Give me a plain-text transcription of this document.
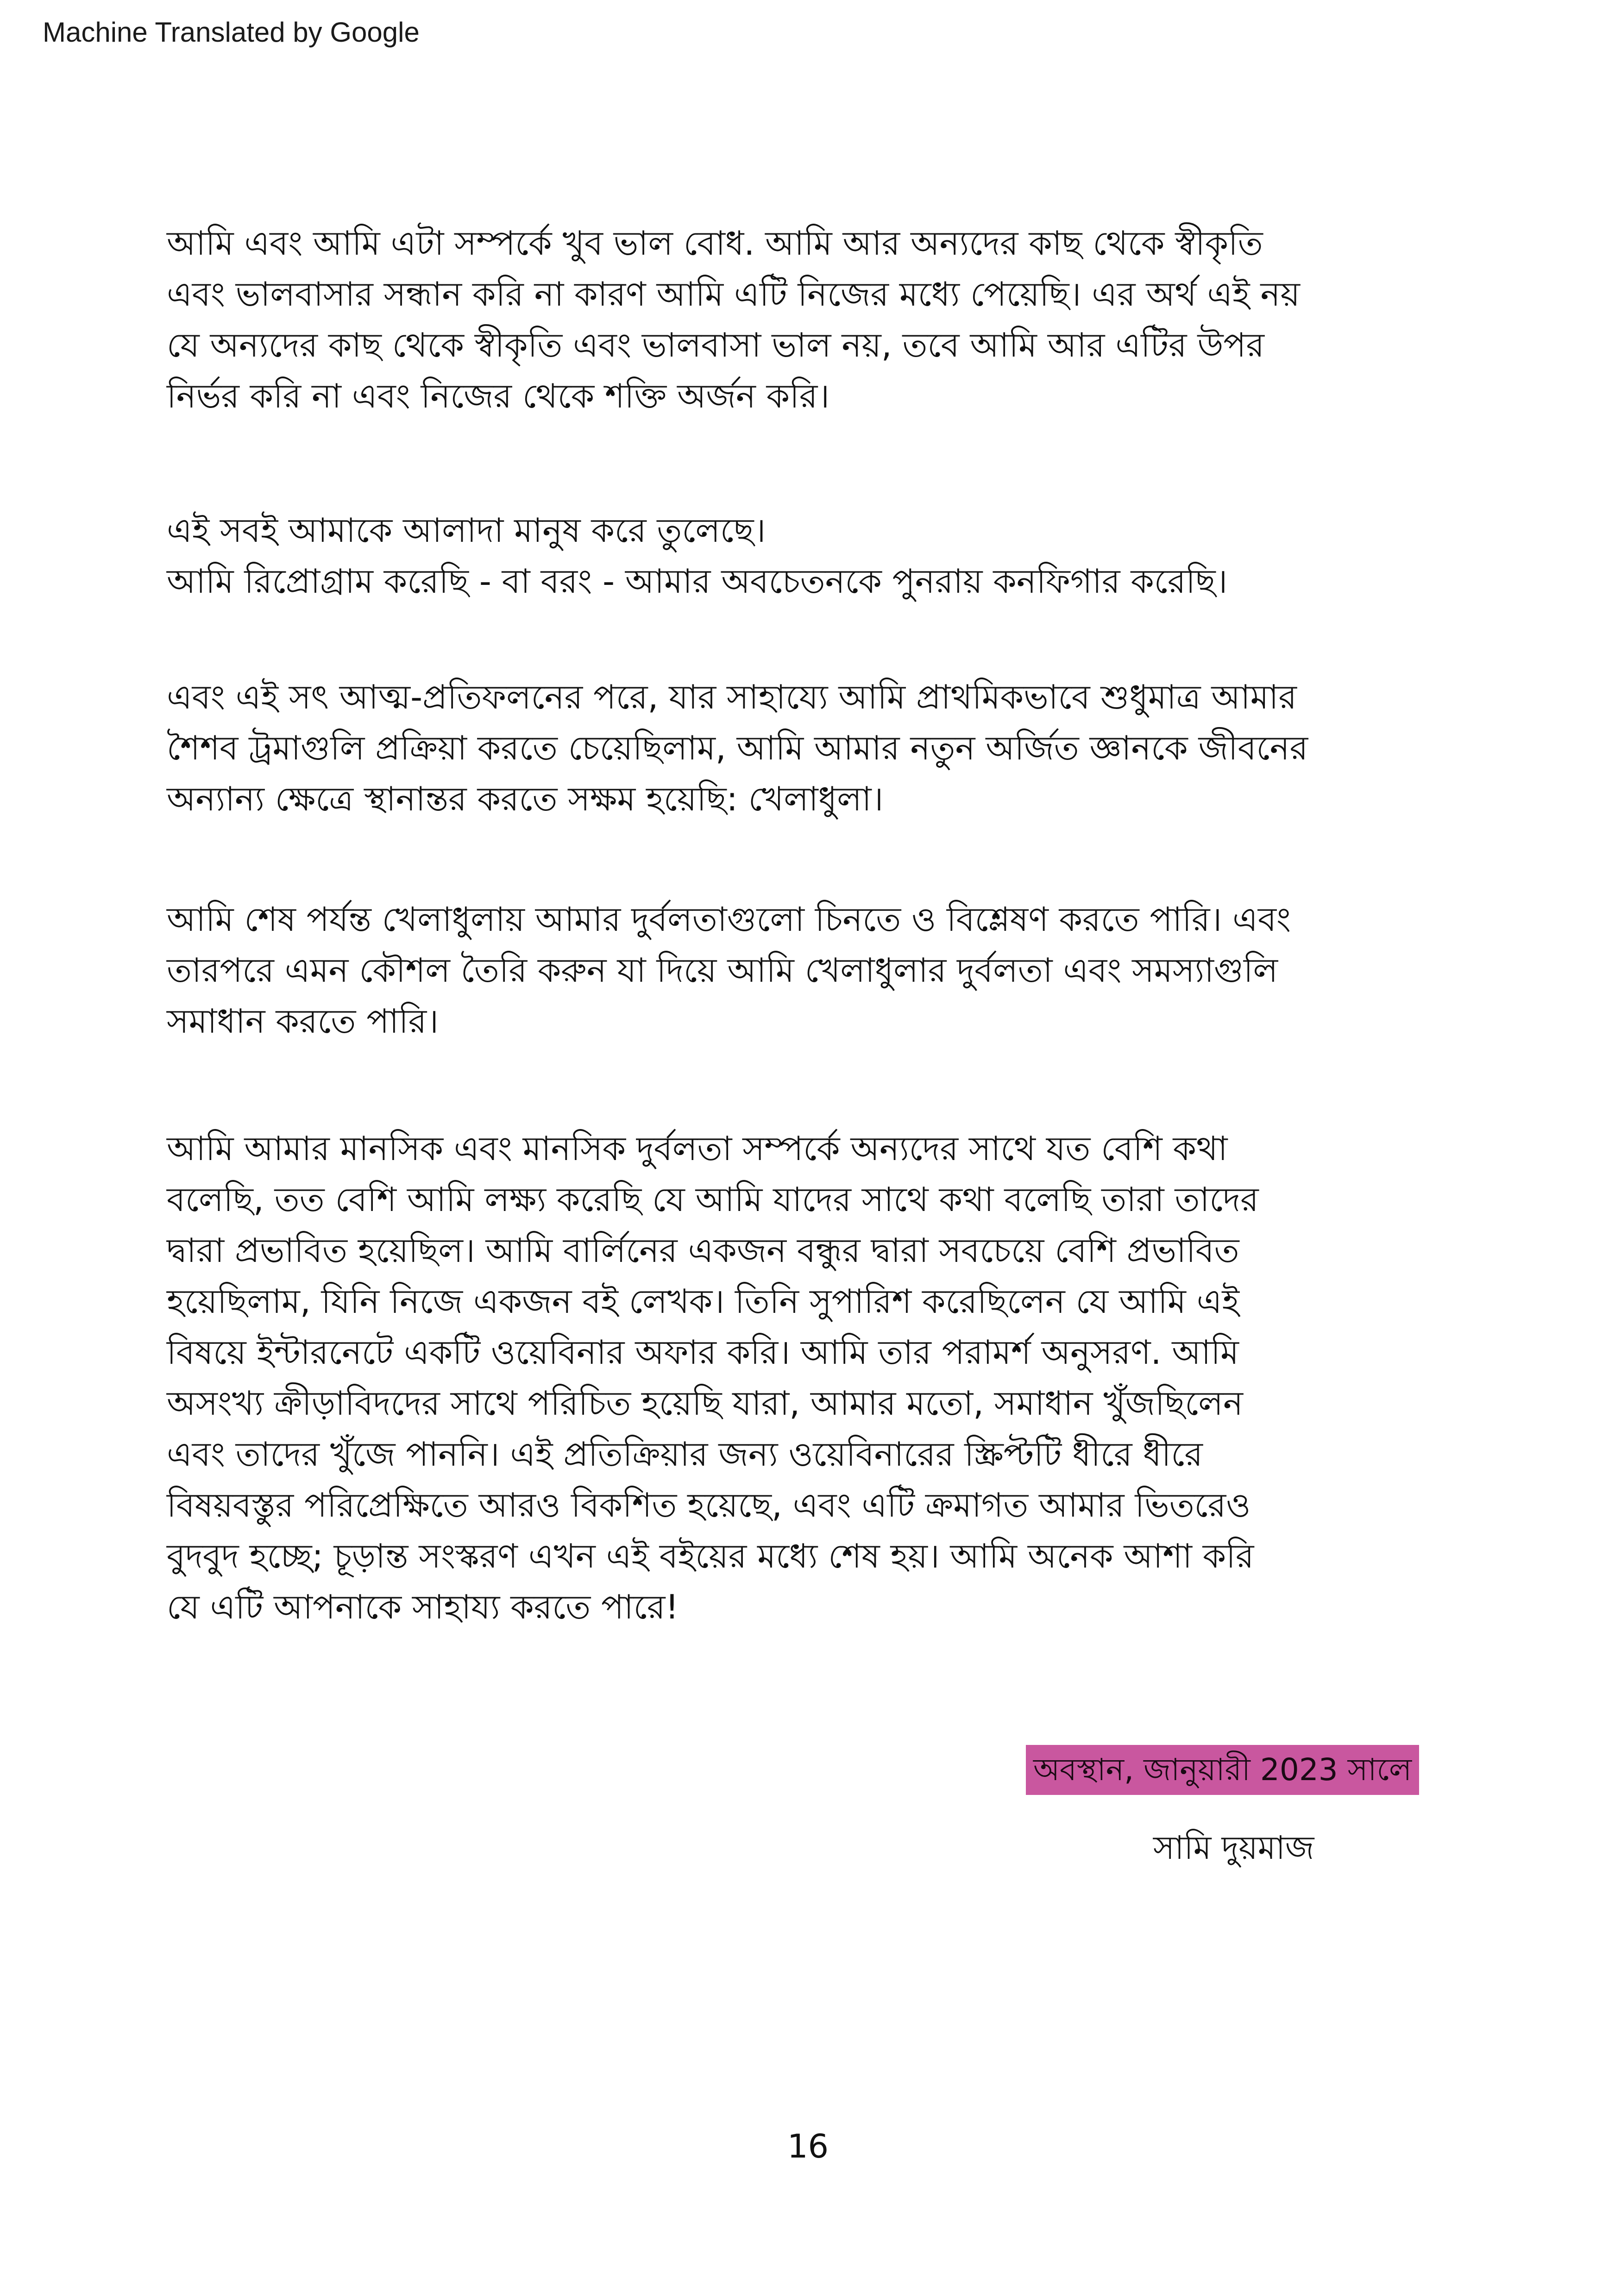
Machine Translated by Google

আমি এবং আমি এটা সম্পর্কে খুব ভাল বোধ. আমি আর অন্যদের কাছ থেকে স্বীকৃতি
এবং ভালবাসার সন্ধান করি না কারণ আমি এটি নিজের মধ্যে পেয়েছি। এর অর্থ এই নয়
যে অন্যদের কাছ থেকে স্বীকৃতি এবং ভালবাসা ভাল নয়, তবে আমি আর এটির উপর
নির্ভর করি না এবং নিজের থেকে শক্তি অর্জন করি।

এই সবই আমাকে আলাদা মানুষ করে তুলেছে।
আমি রিপ্রোগ্রাম করেছি - বা বরং - আমার অবচেতনকে পুনরায় কনফিগার করেছি।

এবং এই সৎ আত্ম-প্রতিফলনের পরে, যার সাহায্যে আমি প্রাথমিকভাবে শুধুমাত্র আমার
শৈশব ট্রমাগুলি প্রক্রিয়া করতে চেয়েছিলাম, আমি আমার নতুন অর্জিত জ্ঞানকে জীবনের
অন্যান্য ক্ষেত্রে স্থানান্তর করতে সক্ষম হয়েছি: খেলাধুলা।

আমি শেষ পর্যন্ত খেলাধুলায় আমার দুর্বলতাগুলো চিনতে ও বিশ্লেষণ করতে পারি। এবং
তারপরে এমন কৌশল তৈরি করুন যা দিয়ে আমি খেলাধুলার দুর্বলতা এবং সমস্যাগুলি
সমাধান করতে পারি।

আমি আমার মানসিক এবং মানসিক দুর্বলতা সম্পর্কে অন্যদের সাথে যত বেশি কথা
বলেছি, তত বেশি আমি লক্ষ্য করেছি যে আমি যাদের সাথে কথা বলেছি তারা তাদের
দ্বারা প্রভাবিত হয়েছিল। আমি বার্লিনের একজন বন্ধুর দ্বারা সবচেয়ে বেশি প্রভাবিত
হয়েছিলাম, যিনি নিজে একজন বই লেখক। তিনি সুপারিশ করেছিলেন যে আমি এই
বিষয়ে ইন্টারনেটে একটি ওয়েবিনার অফার করি। আমি তার পরামর্শ অনুসরণ. আমি
অসংখ্য ক্রীড়াবিদদের সাথে পরিচিত হয়েছি যারা, আমার মতো, সমাধান খুঁজছিলেন
এবং তাদের খুঁজে পাননি। এই প্রতিক্রিয়ার জন্য ওয়েবিনারের স্ক্রিপ্টটি ধীরে ধীরে
বিষয়বস্তুর পরিপ্রেক্ষিতে আরও বিকশিত হয়েছে, এবং এটি ক্রমাগত আমার ভিতরেও
বুদবুদ হচ্ছে; চূড়ান্ত সংস্করণ এখন এই বইয়ের মধ্যে শেষ হয়। আমি অনেক আশা করি
যে এটি আপনাকে সাহায্য করতে পারে!

অবস্থান, জানুয়ারী 2023 সালে
সামি দুয়মাজ
16
